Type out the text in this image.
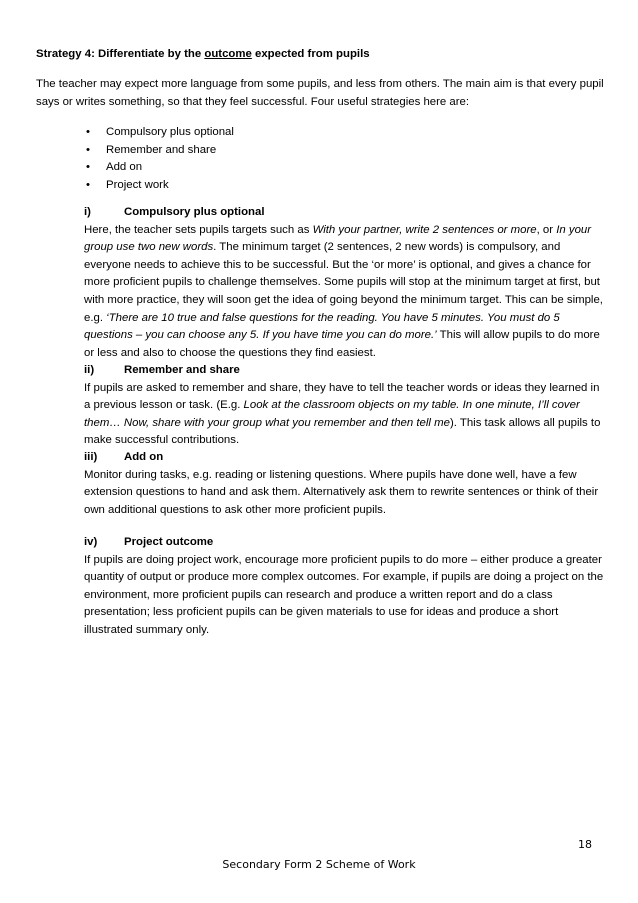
Strategy 4: Differentiate by the outcome expected from pupils
The teacher may expect more language from some pupils, and less from others. The main aim is that every pupil says or writes something, so that they feel successful. Four useful strategies here are:
• Compulsory plus optional
• Remember and share
• Add on
• Project work
i)	Compulsory plus optional

Here, the teacher sets pupils targets such as With your partner, write 2 sentences or more, or In your group use two new words. The minimum target (2 sentences, 2 new words) is compulsory, and everyone needs to achieve this to be successful. But the ‘or more’ is optional, and gives a chance for more proficient pupils to challenge themselves. Some pupils will stop at the minimum target at first, but with more practice, they will soon get the idea of going beyond the minimum target. This can be simple, e.g. ‘There are 10 true and false questions for the reading. You have 5 minutes. You must do 5 questions – you can choose any 5. If you have time you can do more.’ This will allow pupils to do more or less and also to choose the questions they find easiest.

ii)	Remember and share

If pupils are asked to remember and share, they have to tell the teacher words or ideas they learned in a previous lesson or task. (E.g. Look at the classroom objects on my table. In one minute, I’ll cover them… Now, share with your group what you remember and then tell me). This task allows all pupils to make successful contributions.

iii)	Add on

Monitor during tasks, e.g. reading or listening questions. Where pupils have done well, have a few extension questions to hand and ask them. Alternatively ask them to rewrite sentences or think of their own additional questions to ask other more proficient pupils.

iv)	Project outcome

If pupils are doing project work, encourage more proficient pupils to do more – either produce a greater quantity of output or produce more complex outcomes. For example, if pupils are doing a project on the environment, more proficient pupils can research and produce a written report and do a class presentation; less proficient pupils can be given materials to use for ideas and produce a short illustrated summary only.

18
Secondary Form 2 Scheme of Work
